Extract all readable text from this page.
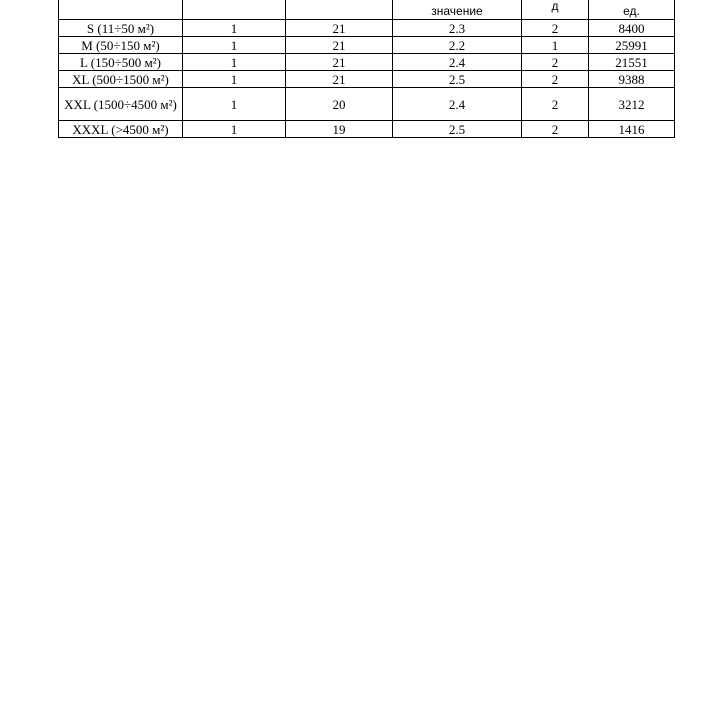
			значение	д	ед.

S (11÷50 м²)	1	21	2.3	2	8400
M (50÷150 м²)	1	21	2.2	1	25991
L (150÷500 м²)	1	21	2.4	2	21551
XL (500÷1500 м²)	1	21	2.5	2	9388
XXL (1500÷4500 м²)	1	20	2.4	2	3212
XXXL (>4500 м²)	1	19	2.5	2	1416
